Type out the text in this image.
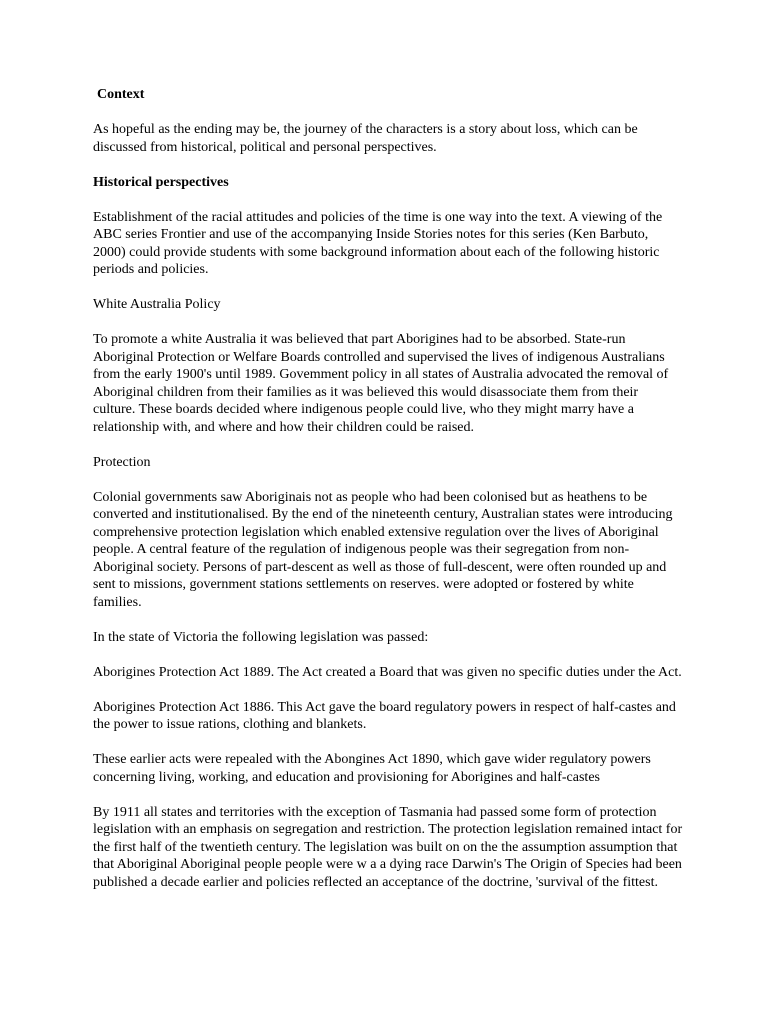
Context

As hopeful as the ending may be, the journey of the characters is a story about loss, which can be discussed from historical, political and personal perspectives.

Historical perspectives

Establishment of the racial attitudes and policies of the time is one way into the text. A viewing of the ABC series Frontier and use of the accompanying Inside Stories notes for this series (Ken Barbuto, 2000) could provide students with some background information about each of the following historic periods and policies.

White Australia Policy

To promote a white Australia it was believed that part Aborigines had to be absorbed. State-run Aboriginal Protection or Welfare Boards controlled and supervised the lives of indigenous Australians from the early 1900's until 1989. Govemment policy in all states of Australia advocated the removal of Aboriginal children from their families as it was believed this would disassociate them from their culture. These boards decided where indigenous people could live, who they might marry have a relationship with, and where and how their children could be raised.

Protection

Colonial governments saw Aboriginais not as people who had been colonised but as heathens to be converted and institutionalised. By the end of the nineteenth century, Australian states were introducing comprehensive protection legislation which enabled extensive regulation over the lives of Aboriginal people. A central feature of the regulation of indigenous people was their segregation from non-Aboriginal society. Persons of part-descent as well as those of full-descent, were often rounded up and sent to missions, government stations settlements on reserves. were adopted or fostered by white families.

In the state of Victoria the following legislation was passed:

Aborigines Protection Act 1889. The Act created a Board that was given no specific duties under the Act.

Aborigines Protection Act 1886. This Act gave the board regulatory powers in respect of half-castes and the power to issue rations, clothing and blankets.

These earlier acts were repealed with the Abongines Act 1890, which gave wider regulatory powers concerning living, working, and education and provisioning for Aborigines and half-castes

By 1911 all states and territories with the exception of Tasmania had passed some form of protection legislation with an emphasis on segregation and restriction. The protection legislation remained intact for the first half of the twentieth century. The legislation was built on on the the assumption assumption that that Aboriginal Aboriginal people people were w a a dying race Darwin's The Origin of Species had been published a decade earlier and policies reflected an acceptance of the doctrine, 'survival of the fittest.
